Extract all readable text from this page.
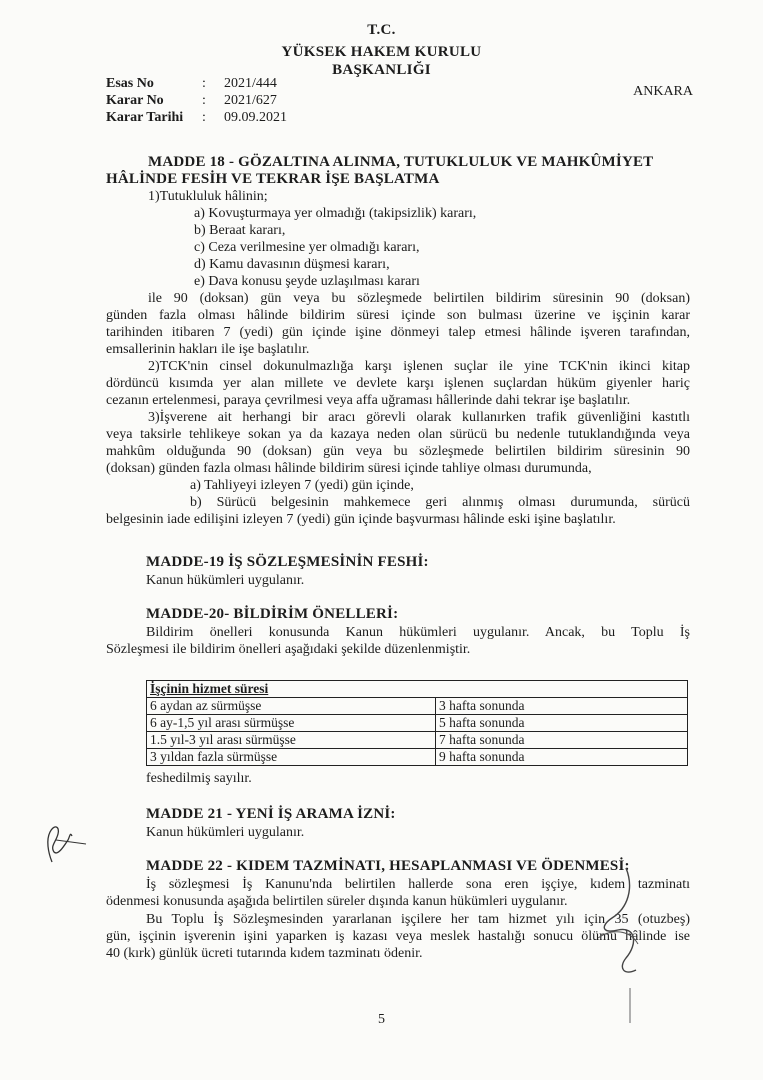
T.C.
YÜKSEK HAKEM KURULU
BAŞKANLIĞI
Esas No	:	2021/444
Karar No	:	2021/627
Karar Tarihi	:	09.09.2021
ANKARA
MADDE 18 - GÖZALTINA ALINMA, TUTUKLULUK VE MAHKÛMİYET
HÂLİNDE FESİH VE TEKRAR İŞE BAŞLATMA
1)Tutukluluk hâlinin;
a) Kovuşturmaya yer olmadığı (takipsizlik) kararı,
b) Beraat kararı,
c) Ceza verilmesine yer olmadığı kararı,
d) Kamu davasının düşmesi kararı,
e) Dava konusu şeyde uzlaşılması kararı
ile 90 (doksan) gün veya bu sözleşmede belirtilen bildirim süresinin 90 (doksan)
günden fazla olması hâlinde bildirim süresi içinde son bulması üzerine ve işçinin karar
tarihinden itibaren 7 (yedi) gün içinde işine dönmeyi talep etmesi hâlinde işveren tarafından,
emsallerinin hakları ile işe başlatılır.
2)TCK'nin cinsel dokunulmazlığa karşı işlenen suçlar ile yine TCK'nin ikinci kitap
dördüncü kısımda yer alan millete ve devlete karşı işlenen suçlardan hüküm giyenler hariç
cezanın ertelenmesi, paraya çevrilmesi veya affa uğraması hâllerinde dahi tekrar işe başlatılır.
3)İşverene ait herhangi bir aracı görevli olarak kullanırken trafik güvenliğini kastıtlı
veya taksirle tehlikeye sokan ya da kazaya neden olan sürücü bu nedenle tutuklandığında veya
mahkûm olduğunda 90 (doksan) gün veya bu sözleşmede belirtilen bildirim süresinin 90
(doksan) günden fazla olması hâlinde bildirim süresi içinde tahliye olması durumunda,
a) Tahliyeyi izleyen 7 (yedi) gün içinde,
b) Sürücü belgesinin mahkemece geri alınmış olması durumunda, sürücü
belgesinin iade edilişini izleyen 7 (yedi) gün içinde başvurması hâlinde eski işine başlatılır.
MADDE-19 İŞ SÖZLEŞMESİNİN FESHİ:
Kanun hükümleri uygulanır.
MADDE-20- BİLDİRİM ÖNELLERİ:
Bildirim önelleri konusunda Kanun hükümleri uygulanır. Ancak, bu Toplu İş
Sözleşmesi ile bildirim önelleri aşağıdaki şekilde düzenlenmiştir.
İşçinin hizmet süresi	
6 aydan az sürmüşse	3 hafta sonunda
6 ay-1,5 yıl arası sürmüşse	5 hafta sonunda
1.5 yıl-3 yıl arası sürmüşse	7 hafta sonunda
3 yıldan fazla sürmüşse	9 hafta sonunda
feshedilmiş sayılır.
MADDE 21 - YENİ İŞ ARAMA İZNİ:
Kanun hükümleri uygulanır.
MADDE 22 - KIDEM TAZMİNATI, HESAPLANMASI VE ÖDENMESİ:
İş sözleşmesi İş Kanunu'nda belirtilen hallerde sona eren işçiye, kıdem tazminatı
ödenmesi konusunda aşağıda belirtilen süreler dışında kanun hükümleri uygulanır.
Bu Toplu İş Sözleşmesinden yararlanan işçilere her tam hizmet yılı için 35 (otuzbeş)
gün, işçinin işverenin işini yaparken iş kazası veya meslek hastalığı sonucu ölümü hâlinde ise
40 (kırk) günlük ücreti tutarında kıdem tazminatı ödenir.
5
